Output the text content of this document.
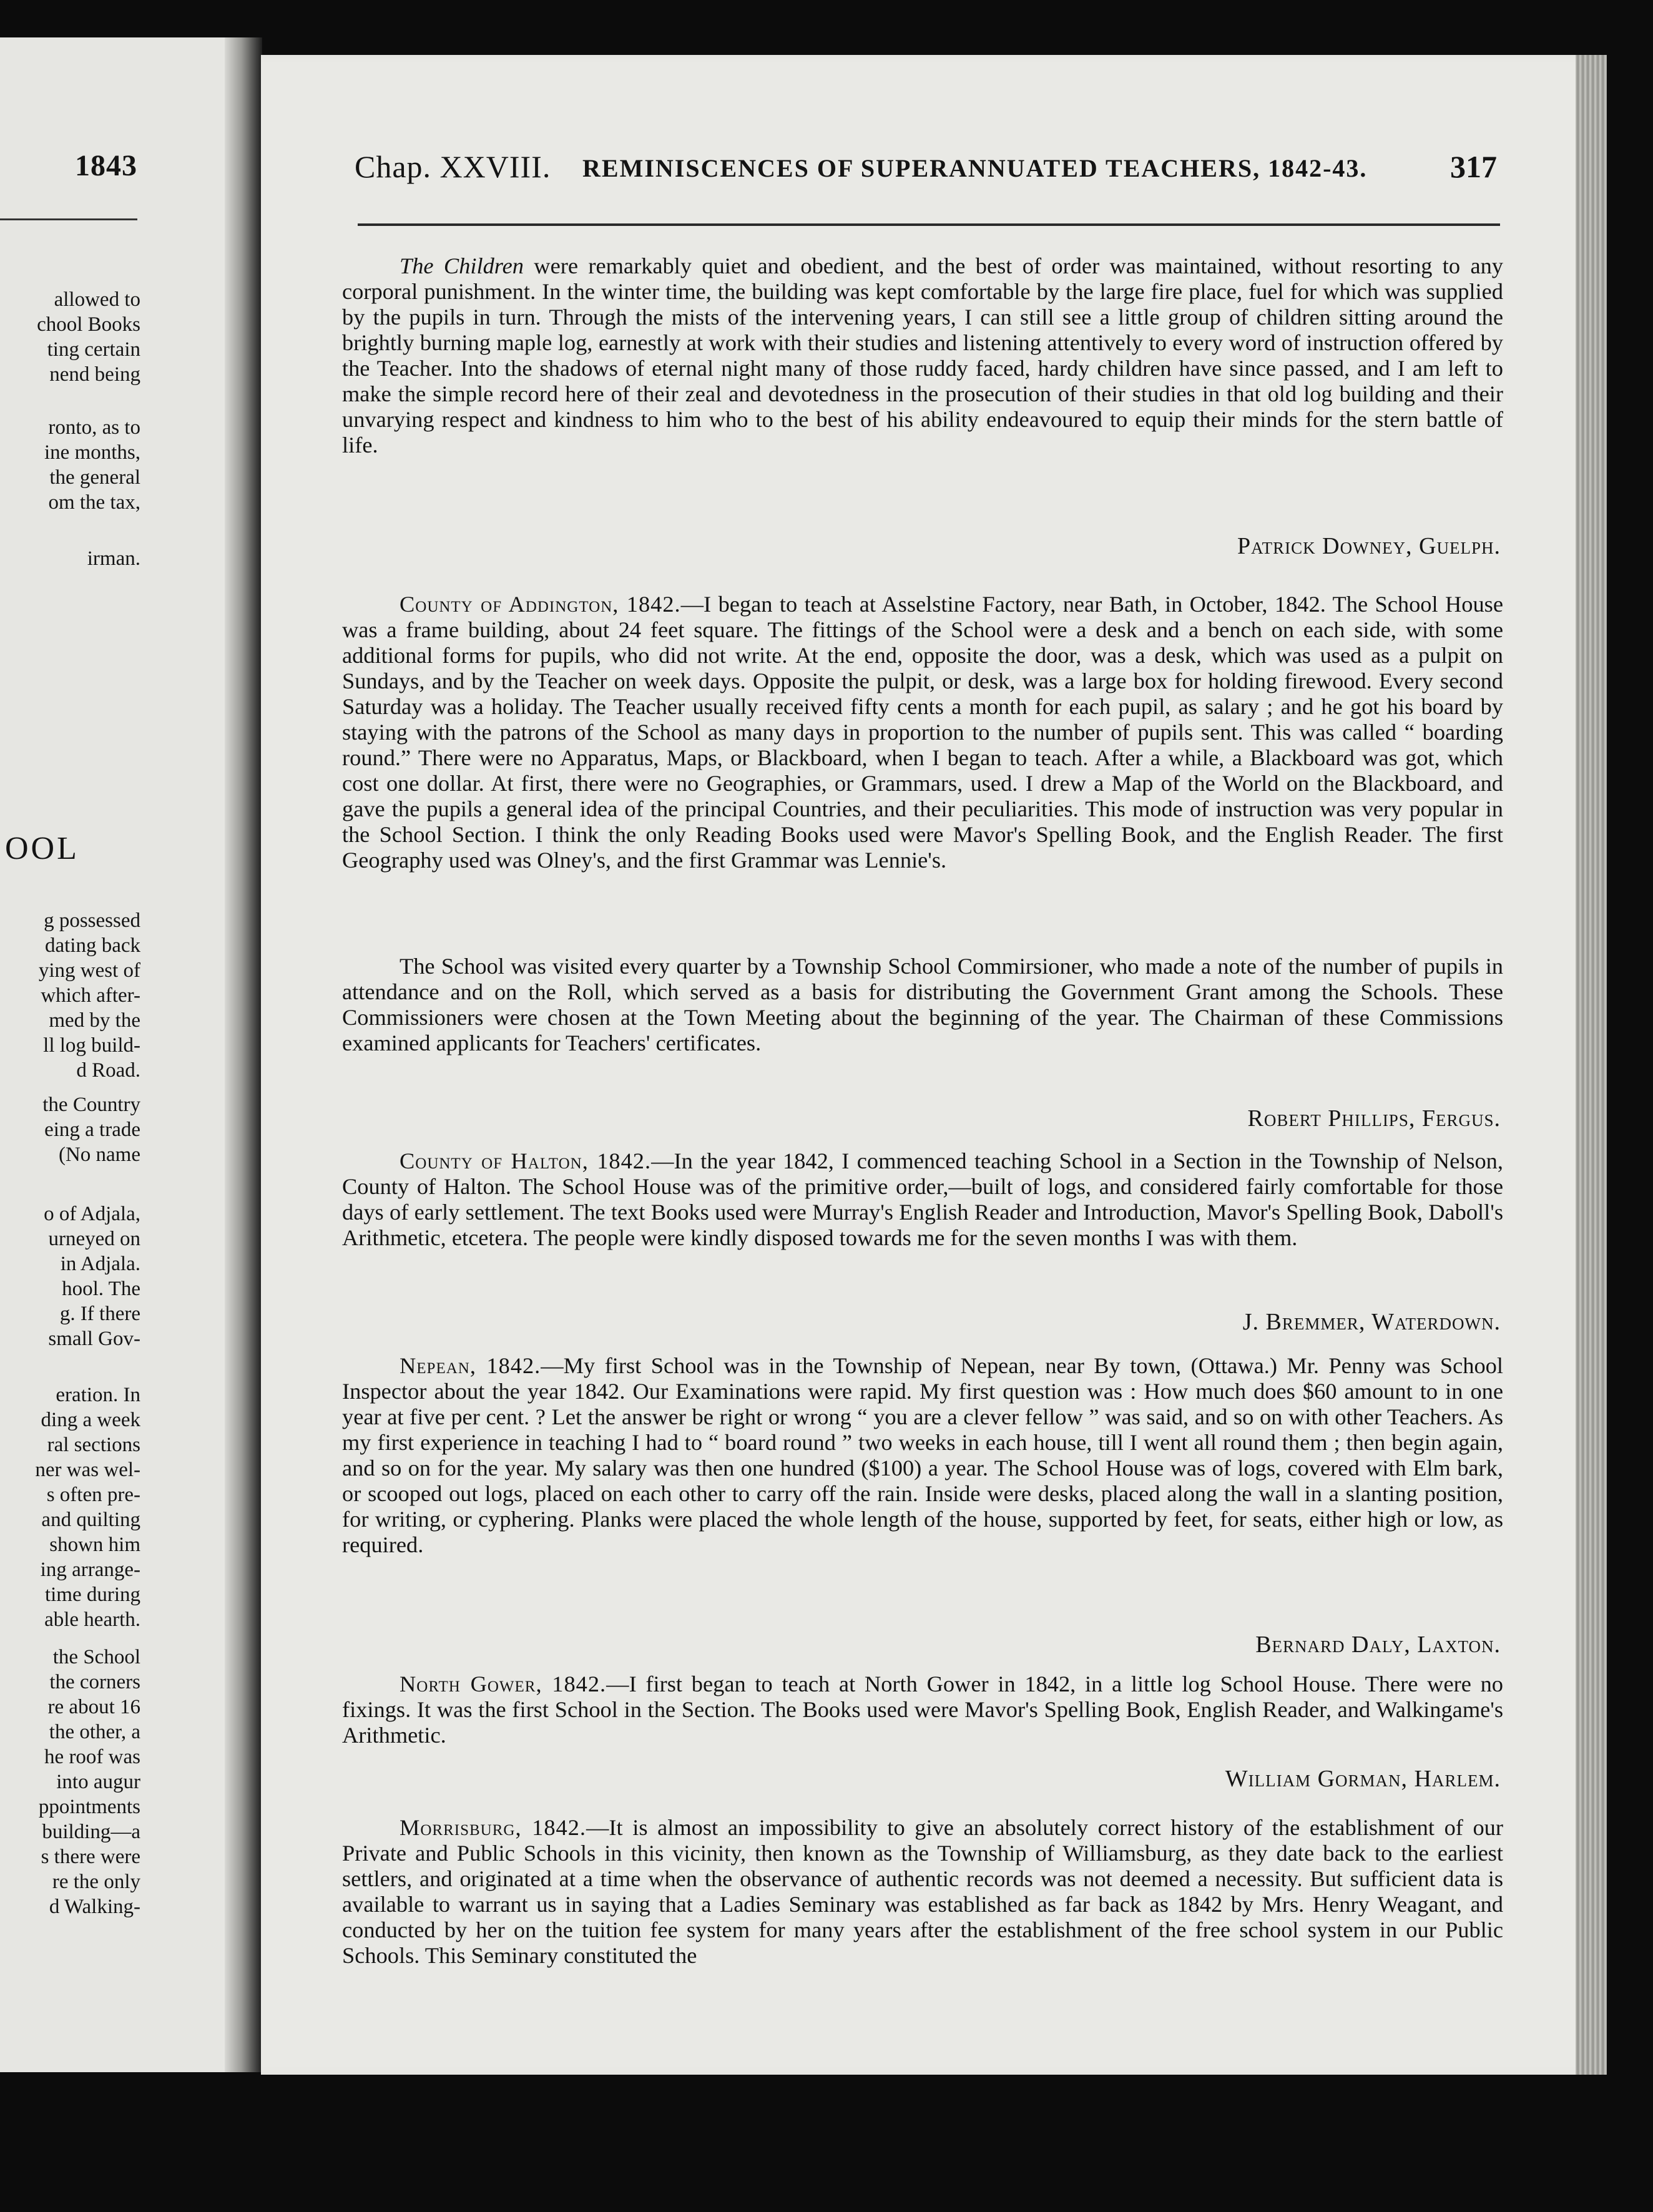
1843
allowed to
chool Books
ting certain
nend being
ronto, as to
ine months,
the general
om the tax,
irman.
g possessed
dating back
ying west of
which after-
med by the
ll log build-
d Road.
the Country
eing a trade
(No name
o of Adjala,
urneyed on
in Adjala.
hool. The
g. If there
small Gov-
eration. In
ding a week
ral sections
ner was wel-
s often pre-
and quilting
shown him
ing arrange-
time during
able hearth.
the School
the corners
re about 16
the other, a
he roof was
into augur
ppointments
building—a
s there were
re the only
d Walking-
OOL
Chap. XXVIII. REMINISCENCES OF SUPERANNUATED TEACHERS, 1842-43.	317
The Children were remarkably quiet and obedient, and the best of order was maintained, without resorting to any corporal punishment. In the winter time, the building was kept comfortable by the large fire place, fuel for which was supplied by the pupils in turn. Through the mists of the intervening years, I can still see a little group of children sitting around the brightly burning maple log, earnestly at work with their studies and listening attentively to every word of instruction offered by the Teacher. Into the shadows of eternal night many of those ruddy faced, hardy children have since passed, and I am left to make the simple record here of their zeal and devotedness in the prosecution of their studies in that old log building and their unvarying respect and kindness to him who to the best of his ability endeavoured to equip their minds for the stern battle of life.
Patrick Downey, Guelph.
County of Addington, 1842.—I began to teach at Asselstine Factory, near Bath, in October, 1842. The School House was a frame building, about 24 feet square. The fittings of the School were a desk and a bench on each side, with some additional forms for pupils, who did not write. At the end, opposite the door, was a desk, which was used as a pulpit on Sundays, and by the Teacher on week days. Opposite the pulpit, or desk, was a large box for holding firewood. Every second Saturday was a holiday. The Teacher usually received fifty cents a month for each pupil, as salary ; and he got his board by staying with the patrons of the School as many days in proportion to the number of pupils sent. This was called “ boarding round.” There were no Apparatus, Maps, or Blackboard, when I began to teach. After a while, a Blackboard was got, which cost one dollar. At first, there were no Geographies, or Grammars, used. I drew a Map of the World on the Blackboard, and gave the pupils a general idea of the principal Countries, and their peculiarities. This mode of instruction was very popular in the School Section. I think the only Reading Books used were Mavor's Spelling Book, and the English Reader. The first Geography used was Olney's, and the first Grammar was Lennie's.
The School was visited every quarter by a Township School Commirsioner, who made a note of the number of pupils in attendance and on the Roll, which served as a basis for distributing the Government Grant among the Schools. These Commissioners were chosen at the Town Meeting about the beginning of the year. The Chairman of these Commissions examined applicants for Teachers' certificates.
Robert Phillips, Fergus.
County of Halton, 1842.—In the year 1842, I commenced teaching School in a Section in the Township of Nelson, County of Halton. The School House was of the primitive order,—built of logs, and considered fairly comfortable for those days of early settlement. The text Books used were Murray's English Reader and Introduction, Mavor's Spelling Book, Daboll's Arithmetic, etcetera. The people were kindly disposed towards me for the seven months I was with them.
J. Bremmer, Waterdown.
Nepean, 1842.—My first School was in the Township of Nepean, near By town, (Ottawa.) Mr. Penny was School Inspector about the year 1842. Our Examinations were rapid. My first question was : How much does $60 amount to in one year at five per cent. ? Let the answer be right or wrong “ you are a clever fellow ” was said, and so on with other Teachers. As my first experience in teaching I had to “ board round ” two weeks in each house, till I went all round them ; then begin again, and so on for the year. My salary was then one hundred ($100) a year. The School House was of logs, covered with Elm bark, or scooped out logs, placed on each other to carry off the rain. Inside were desks, placed along the wall in a slanting position, for writing, or cyphering. Planks were placed the whole length of the house, supported by feet, for seats, either high or low, as required.
Bernard Daly, Laxton.
North Gower, 1842.—I first began to teach at North Gower in 1842, in a little log School House. There were no fixings. It was the first School in the Section. The Books used were Mavor's Spelling Book, English Reader, and Walkingame's Arithmetic.
William Gorman, Harlem.
Morrisburg, 1842.—It is almost an impossibility to give an absolutely correct history of the establishment of our Private and Public Schools in this vicinity, then known as the Township of Williamsburg, as they date back to the earliest settlers, and originated at a time when the observance of authentic records was not deemed a necessity. But sufficient data is available to warrant us in saying that a Ladies Seminary was established as far back as 1842 by Mrs. Henry Weagant, and conducted by her on the tuition fee system for many years after the establishment of the free school system in our Public Schools. This Seminary constituted the
